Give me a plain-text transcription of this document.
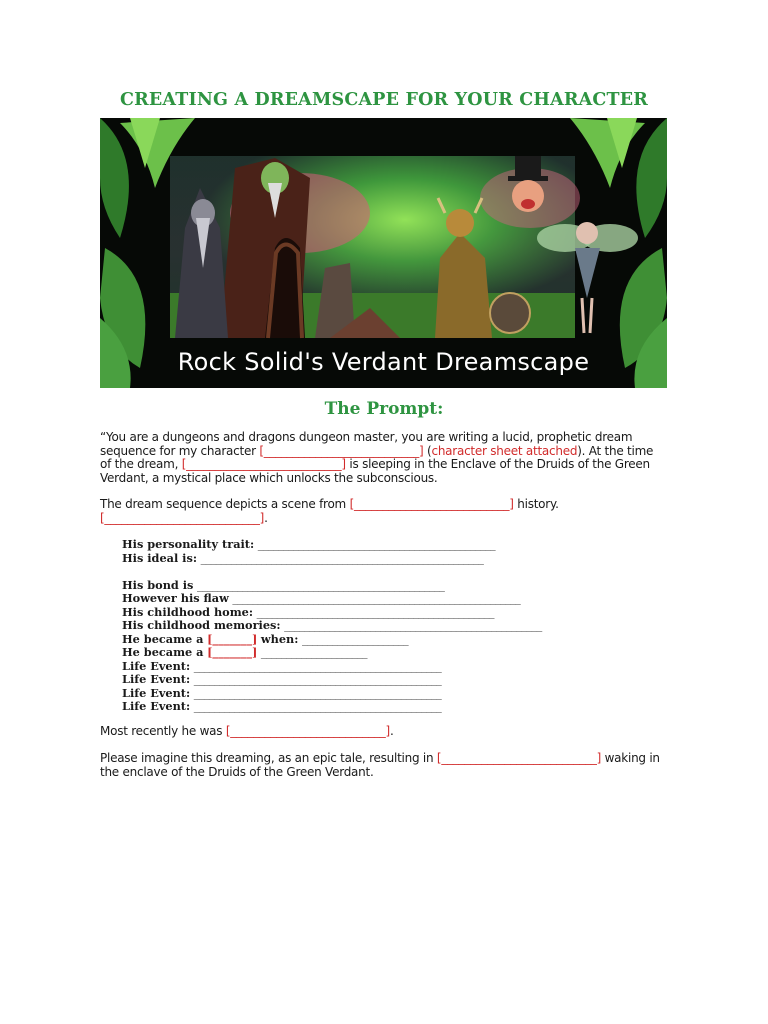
CREATING A DREAMSCAPE FOR YOUR CHARACTER
Rock Solid's Verdant Dreamscape
The Prompt:
“You are a dungeons and dragons dungeon master, you are writing a lucid, prophetic dream sequence for my character [___________________________] (character sheet attached). At the time of the dream, [___________________________] is sleeping in the Enclave of the Druids of the Green Verdant, a mystical place which unlocks the subconscious.
The dream sequence depicts a scene from [___________________________] history.
[___________________________].
His personality trait: _______________________________________________
His ideal is: ________________________________________________________
His bond is _________________________________________________
However his flaw _________________________________________________________
His childhood home: _______________________________________________
His childhood memories: ___________________________________________________
He became a [_______] when: _____________________
He became a [_______] _____________________
Life Event: _________________________________________________
Life Event: _________________________________________________
Life Event: _________________________________________________
Life Event: _________________________________________________
Most recently he was [___________________________].
Please imagine this dreaming, as an epic tale, resulting in [___________________________] waking in the enclave of the Druids of the Green Verdant.
